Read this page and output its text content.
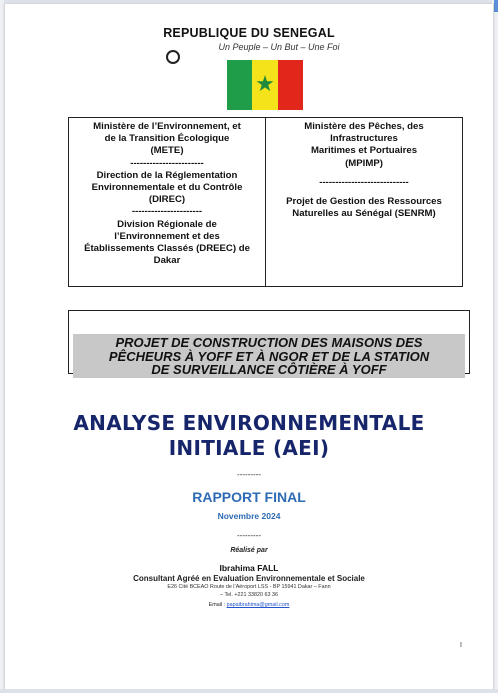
REPUBLIQUE DU SENEGAL
Un Peuple – Un But – Une Foi
★
Ministère de l’Environnement, et
de la Transition Écologique
(METE)
-----------------------
Direction de la Réglementation
Environnementale et du Contrôle
(DIREC)
----------------------
Division Régionale de
l’Environnement et des
Établissements Classés (DREEC) de
Dakar
Ministère des Pêches, des
Infrastructures
Maritimes et Portuaires
(MPIMP)
----------------------------
Projet de Gestion des Ressources
Naturelles au Sénégal (SENRM)
PROJET DE CONSTRUCTION DES MAISONS DES
PÊCHEURS À YOFF ET À NGOR ET DE LA STATION
DE SURVEILLANCE CÔTIÈRE À YOFF
ANALYSE ENVIRONNEMENTALE
INITIALE (AEI)
---------
RAPPORT FINAL
Novembre 2024
---------
Réalisé par
Ibrahima FALL
Consultant Agréé en Evaluation Environnementale et Sociale
E26 Cité BCEAO Route de l’Aéroport LSS - BP 15941 Dakar – Fann
– Tel. +221 33820 63 36
Email : papaibrahima@gmail.com
I
